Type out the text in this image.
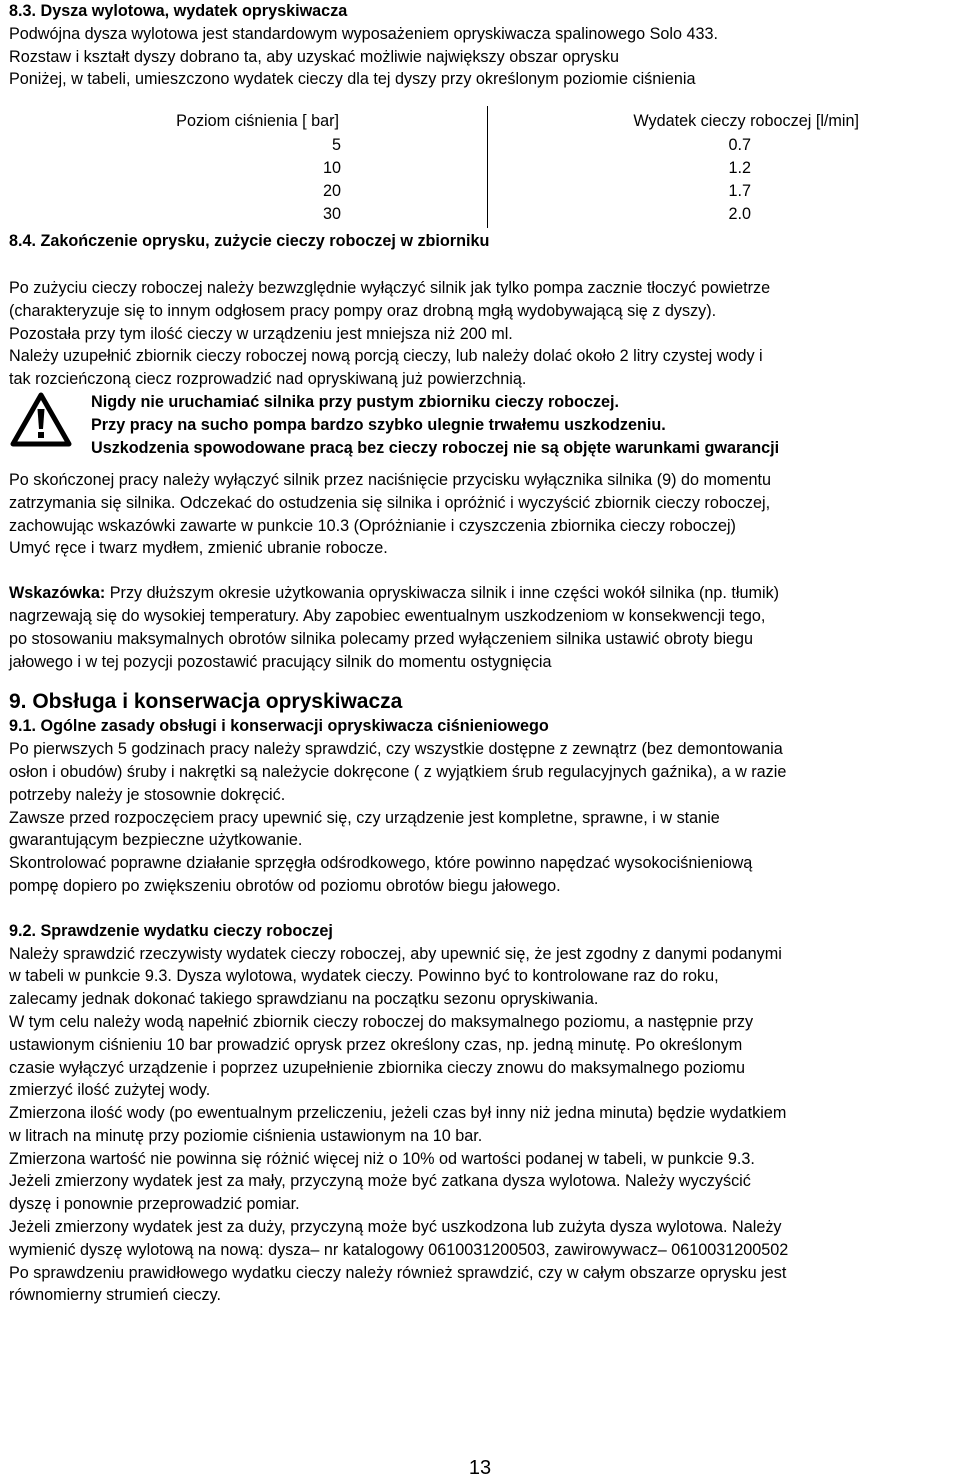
8.3. Dysza wylotowa, wydatek opryskiwacza

Podwójna dysza wylotowa jest standardowym wyposażeniem opryskiwacza spalinowego Solo 433.

Rozstaw i kształt dyszy dobrano ta, aby uzyskać możliwie największy obszar oprysku

Poniżej, w tabeli, umieszczono wydatek cieczy dla tej dyszy przy określonym poziomie ciśnienia

Poziom ciśnienia [ bar]	Wydatek cieczy roboczej [l/min]
5
10
20
30
0.7
1.2
1.7
2.0

8.4. Zakończenie oprysku, zużycie cieczy roboczej w zbiorniku

Po zużyciu cieczy roboczej należy bezwzględnie wyłączyć silnik jak tylko pompa zacznie tłoczyć powietrze

(charakteryzuje się to innym odgłosem pracy pompy oraz drobną mgłą wydobywającą się z dyszy).

Pozostała przy tym ilość cieczy w urządzeniu jest mniejsza niż 200 ml.

Należy uzupełnić zbiornik cieczy roboczej nową porcją cieczy, lub należy dolać około 2 litry czystej wody i

tak rozcieńczoną ciecz rozprowadzić nad opryskiwaną już powierzchnią.

Nigdy nie uruchamiać silnika przy pustym zbiorniku cieczy roboczej.

Przy pracy na sucho pompa bardzo szybko ulegnie trwałemu uszkodzeniu.

Uszkodzenia spowodowane pracą bez cieczy roboczej nie są objęte warunkami gwarancji

Po skończonej pracy należy wyłączyć silnik przez naciśnięcie przycisku wyłącznika silnika (9) do momentu

zatrzymania się silnika. Odczekać do ostudzenia się silnika i opróżnić i wyczyścić zbiornik cieczy roboczej,

zachowując wskazówki zawarte w punkcie 10.3 (Opróżnianie i czyszczenia zbiornika cieczy roboczej)

Umyć ręce i twarz mydłem, zmienić ubranie robocze.

Wskazówka: Przy dłuższym okresie użytkowania opryskiwacza silnik i inne części wokół silnika (np. tłumik)

nagrzewają się do wysokiej temperatury. Aby zapobiec ewentualnym uszkodzeniom w konsekwencji tego,

po stosowaniu maksymalnych obrotów silnika polecamy przed wyłączeniem silnika ustawić obroty biegu

jałowego i w tej pozycji pozostawić pracujący silnik do momentu ostygnięcia

9. Obsługa i konserwacja opryskiwacza

9.1. Ogólne zasady obsługi i konserwacji opryskiwacza ciśnieniowego

Po pierwszych 5 godzinach pracy należy sprawdzić, czy wszystkie dostępne z zewnątrz (bez demontowania

osłon i obudów) śruby i nakrętki są należycie dokręcone ( z wyjątkiem śrub regulacyjnych gaźnika), a w razie

potrzeby należy je stosownie dokręcić.

Zawsze przed rozpoczęciem pracy upewnić się, czy urządzenie jest kompletne, sprawne, i w stanie

gwarantującym bezpieczne użytkowanie.

Skontrolować poprawne działanie sprzęgła odśrodkowego, które powinno napędzać wysokociśnieniową

pompę dopiero po zwiększeniu obrotów od poziomu obrotów biegu jałowego.

9.2. Sprawdzenie wydatku cieczy roboczej

Należy sprawdzić rzeczywisty wydatek cieczy roboczej, aby upewnić się, że jest zgodny z danymi podanymi

w tabeli w punkcie 9.3. Dysza wylotowa, wydatek cieczy. Powinno być to kontrolowane raz do roku,

zalecamy jednak dokonać takiego sprawdzianu na początku sezonu opryskiwania.

W tym celu należy wodą napełnić zbiornik cieczy roboczej do maksymalnego poziomu, a następnie przy

ustawionym ciśnieniu 10 bar prowadzić oprysk przez określony czas, np. jedną minutę. Po określonym

czasie wyłączyć urządzenie i poprzez uzupełnienie zbiornika cieczy znowu do maksymalnego poziomu

zmierzyć ilość zużytej wody.

Zmierzona ilość wody (po ewentualnym przeliczeniu, jeżeli czas był inny niż jedna minuta) będzie wydatkiem

w litrach na minutę przy poziomie ciśnienia ustawionym na 10 bar.

Zmierzona wartość nie powinna się różnić więcej niż o 10% od wartości podanej w tabeli, w punkcie 9.3.

Jeżeli zmierzony wydatek jest za mały, przyczyną może być zatkana dysza wylotowa. Należy wyczyścić

dyszę i ponownie przeprowadzić pomiar.

Jeżeli zmierzony wydatek jest za duży, przyczyną może być uszkodzona lub zużyta dysza wylotowa. Należy

wymienić dyszę wylotową na nową: dysza– nr katalogowy 0610031200503, zawirowywacz– 0610031200502

Po sprawdzeniu prawidłowego wydatku cieczy należy również sprawdzić, czy w całym obszarze oprysku jest

równomierny strumień cieczy.

13
